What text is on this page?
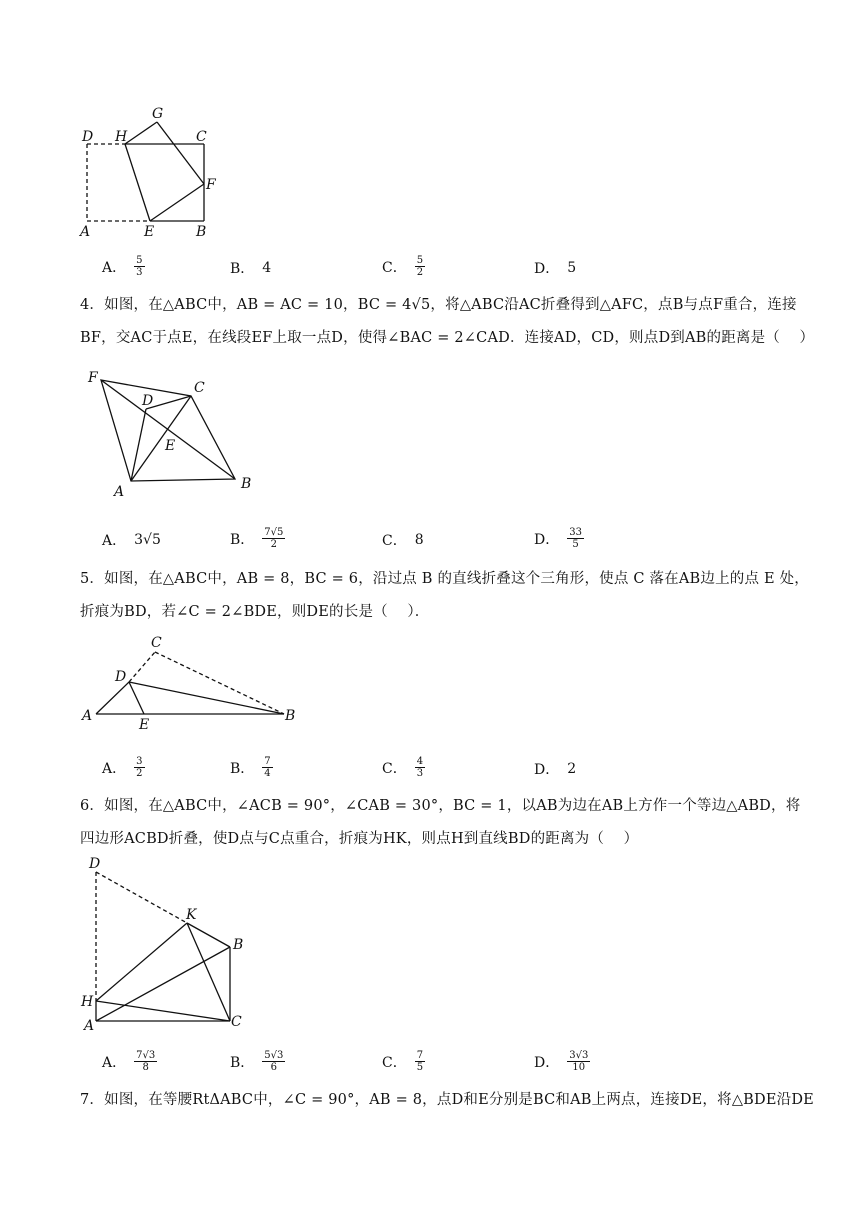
D H
G
C
F
A	E	B
A． $\frac{5}{3}$	B． 4	C． $\frac{5}{2}$	D． 5
4．如图，在△ABC中，AB = AC = 10，BC = 4√5，将△ABC沿AC折叠得到△AFC，点B与点F重合，连接
BF，交AC于点E，在线段EF上取一点D，使得∠BAC = 2∠CAD．连接AD，CD，则点D到AB的距离是（　 ）
F
C
D
E
A	B
A． 3√5	B． $\frac{7√5}{2}$	C． 8	D． $\frac{33}{5}$
5．如图，在△ABC中，AB = 8，BC = 6，沿过点 B 的直线折叠这个三角形，使点 C 落在AB边上的点 E 处，
折痕为BD，若∠C = 2∠BDE，则DE的长是（　 ）．
C
D
A
E
B
A． $\frac{3}{2}$	B． $\frac{7}{4}$	C． $\frac{4}{3}$	D． 2
6．如图，在△ABC中，∠ACB = 90°，∠CAB = 30°，BC = 1，以AB为边在AB上方作一个等边△ABD，将
四边形ACBD折叠，使D点与C点重合，折痕为HK，则点H到直线BD的距离为（　 ）
D
K
B
H
A	C
A． $\frac{7√3}{8}$	B． $\frac{5√3}{6}$	C． $\frac{7}{5}$	D． $\frac{3√3}{10}$
7．如图，在等腰RtΔABC中，∠C = 90°，AB = 8，点D和E分别是BC和AB上两点，连接DE，将△BDE沿DE
